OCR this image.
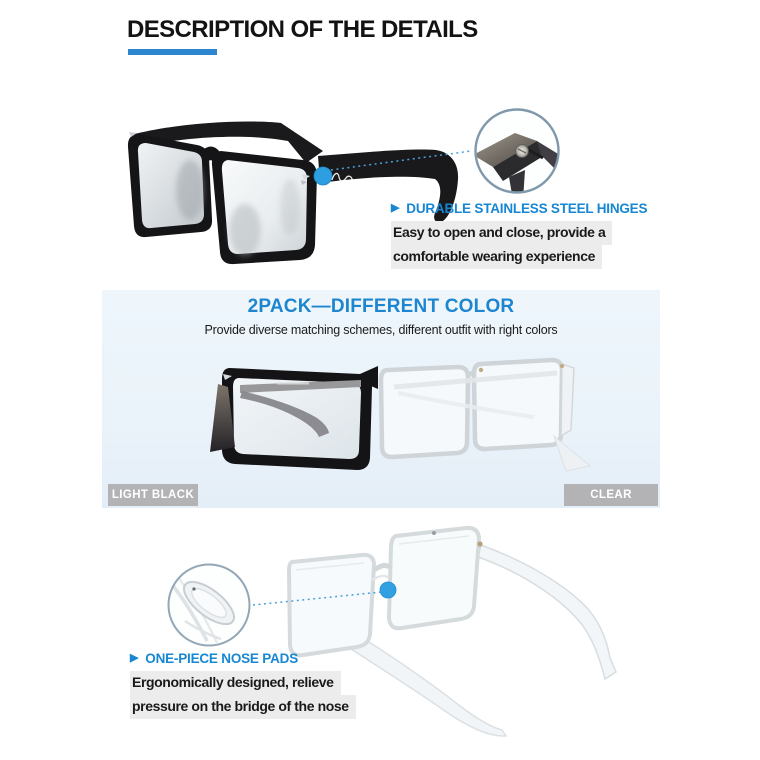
DESCRIPTION OF THE DETAILS
▶ DURABLE STAINLESS STEEL HINGES
Easy to open and close, provide a
comfortable wearing experience
2PACK—DIFFERENT COLOR
Provide diverse matching schemes, different outfit with right colors
LIGHT BLACK	CLEAR
▶ ONE-PIECE NOSE PADS
Ergonomically designed, relieve
pressure on the bridge of the nose
